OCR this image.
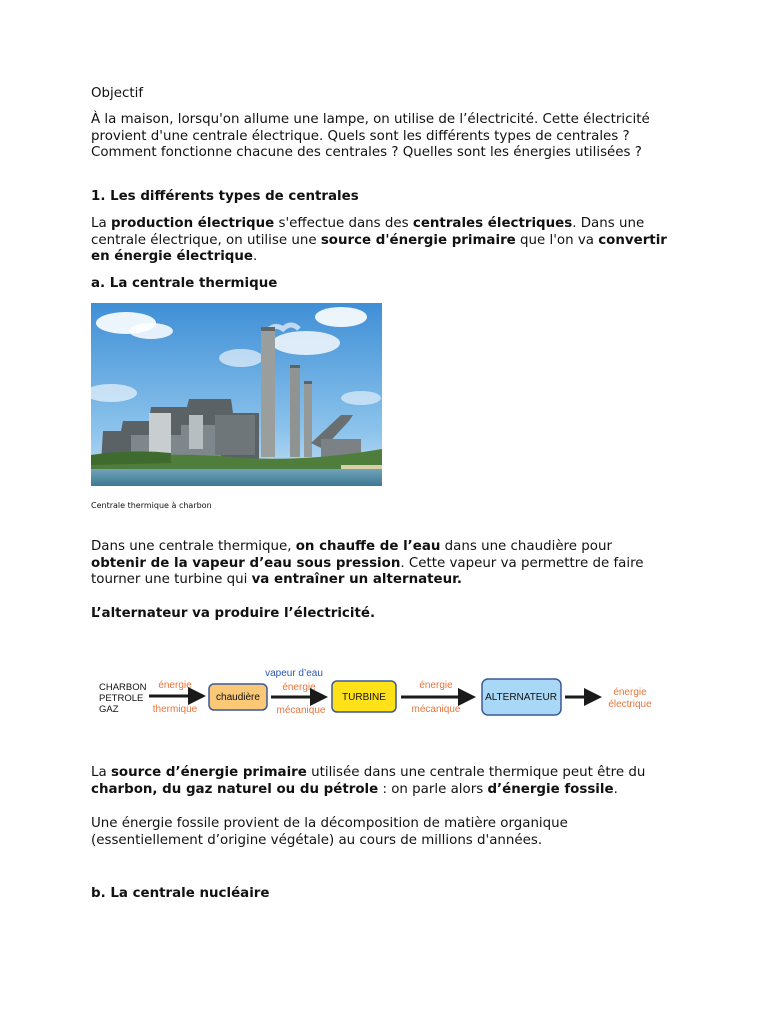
Objectif

À la maison, lorsqu'on allume une lampe, on utilise de l’électricité. Cette électricité provient d'une centrale électrique. Quels sont les différents types de centrales ? Comment fonctionne chacune des centrales ? Quelles sont les énergies utilisées ?

1. Les différents types de centrales

La production électrique s'effectue dans des centrales électriques. Dans une centrale électrique, on utilise une source d'énergie primaire que l'on va convertir en énergie électrique.

a. La centrale thermique

Centrale thermique à charbon

Dans une centrale thermique, on chauffe de l’eau dans une chaudière pour obtenir de la vapeur d’eau sous pression. Cette vapeur va permettre de faire tourner une turbine qui va entraîner un alternateur.

L’alternateur va produire l’électricité.

CHARBON
PETROLE
GAZ
énergie
thermique
chaudière
vapeur d’eau
énergie
mécanique
TURBINE
énergie
mécanique
ALTERNATEUR	énergie
électrique

La source d’énergie primaire utilisée dans une centrale thermique peut être du charbon, du gaz naturel ou du pétrole : on parle alors d’énergie fossile.

Une énergie fossile provient de la décomposition de matière organique (essentiellement d’origine végétale) au cours de millions d'années.

b. La centrale nucléaire
